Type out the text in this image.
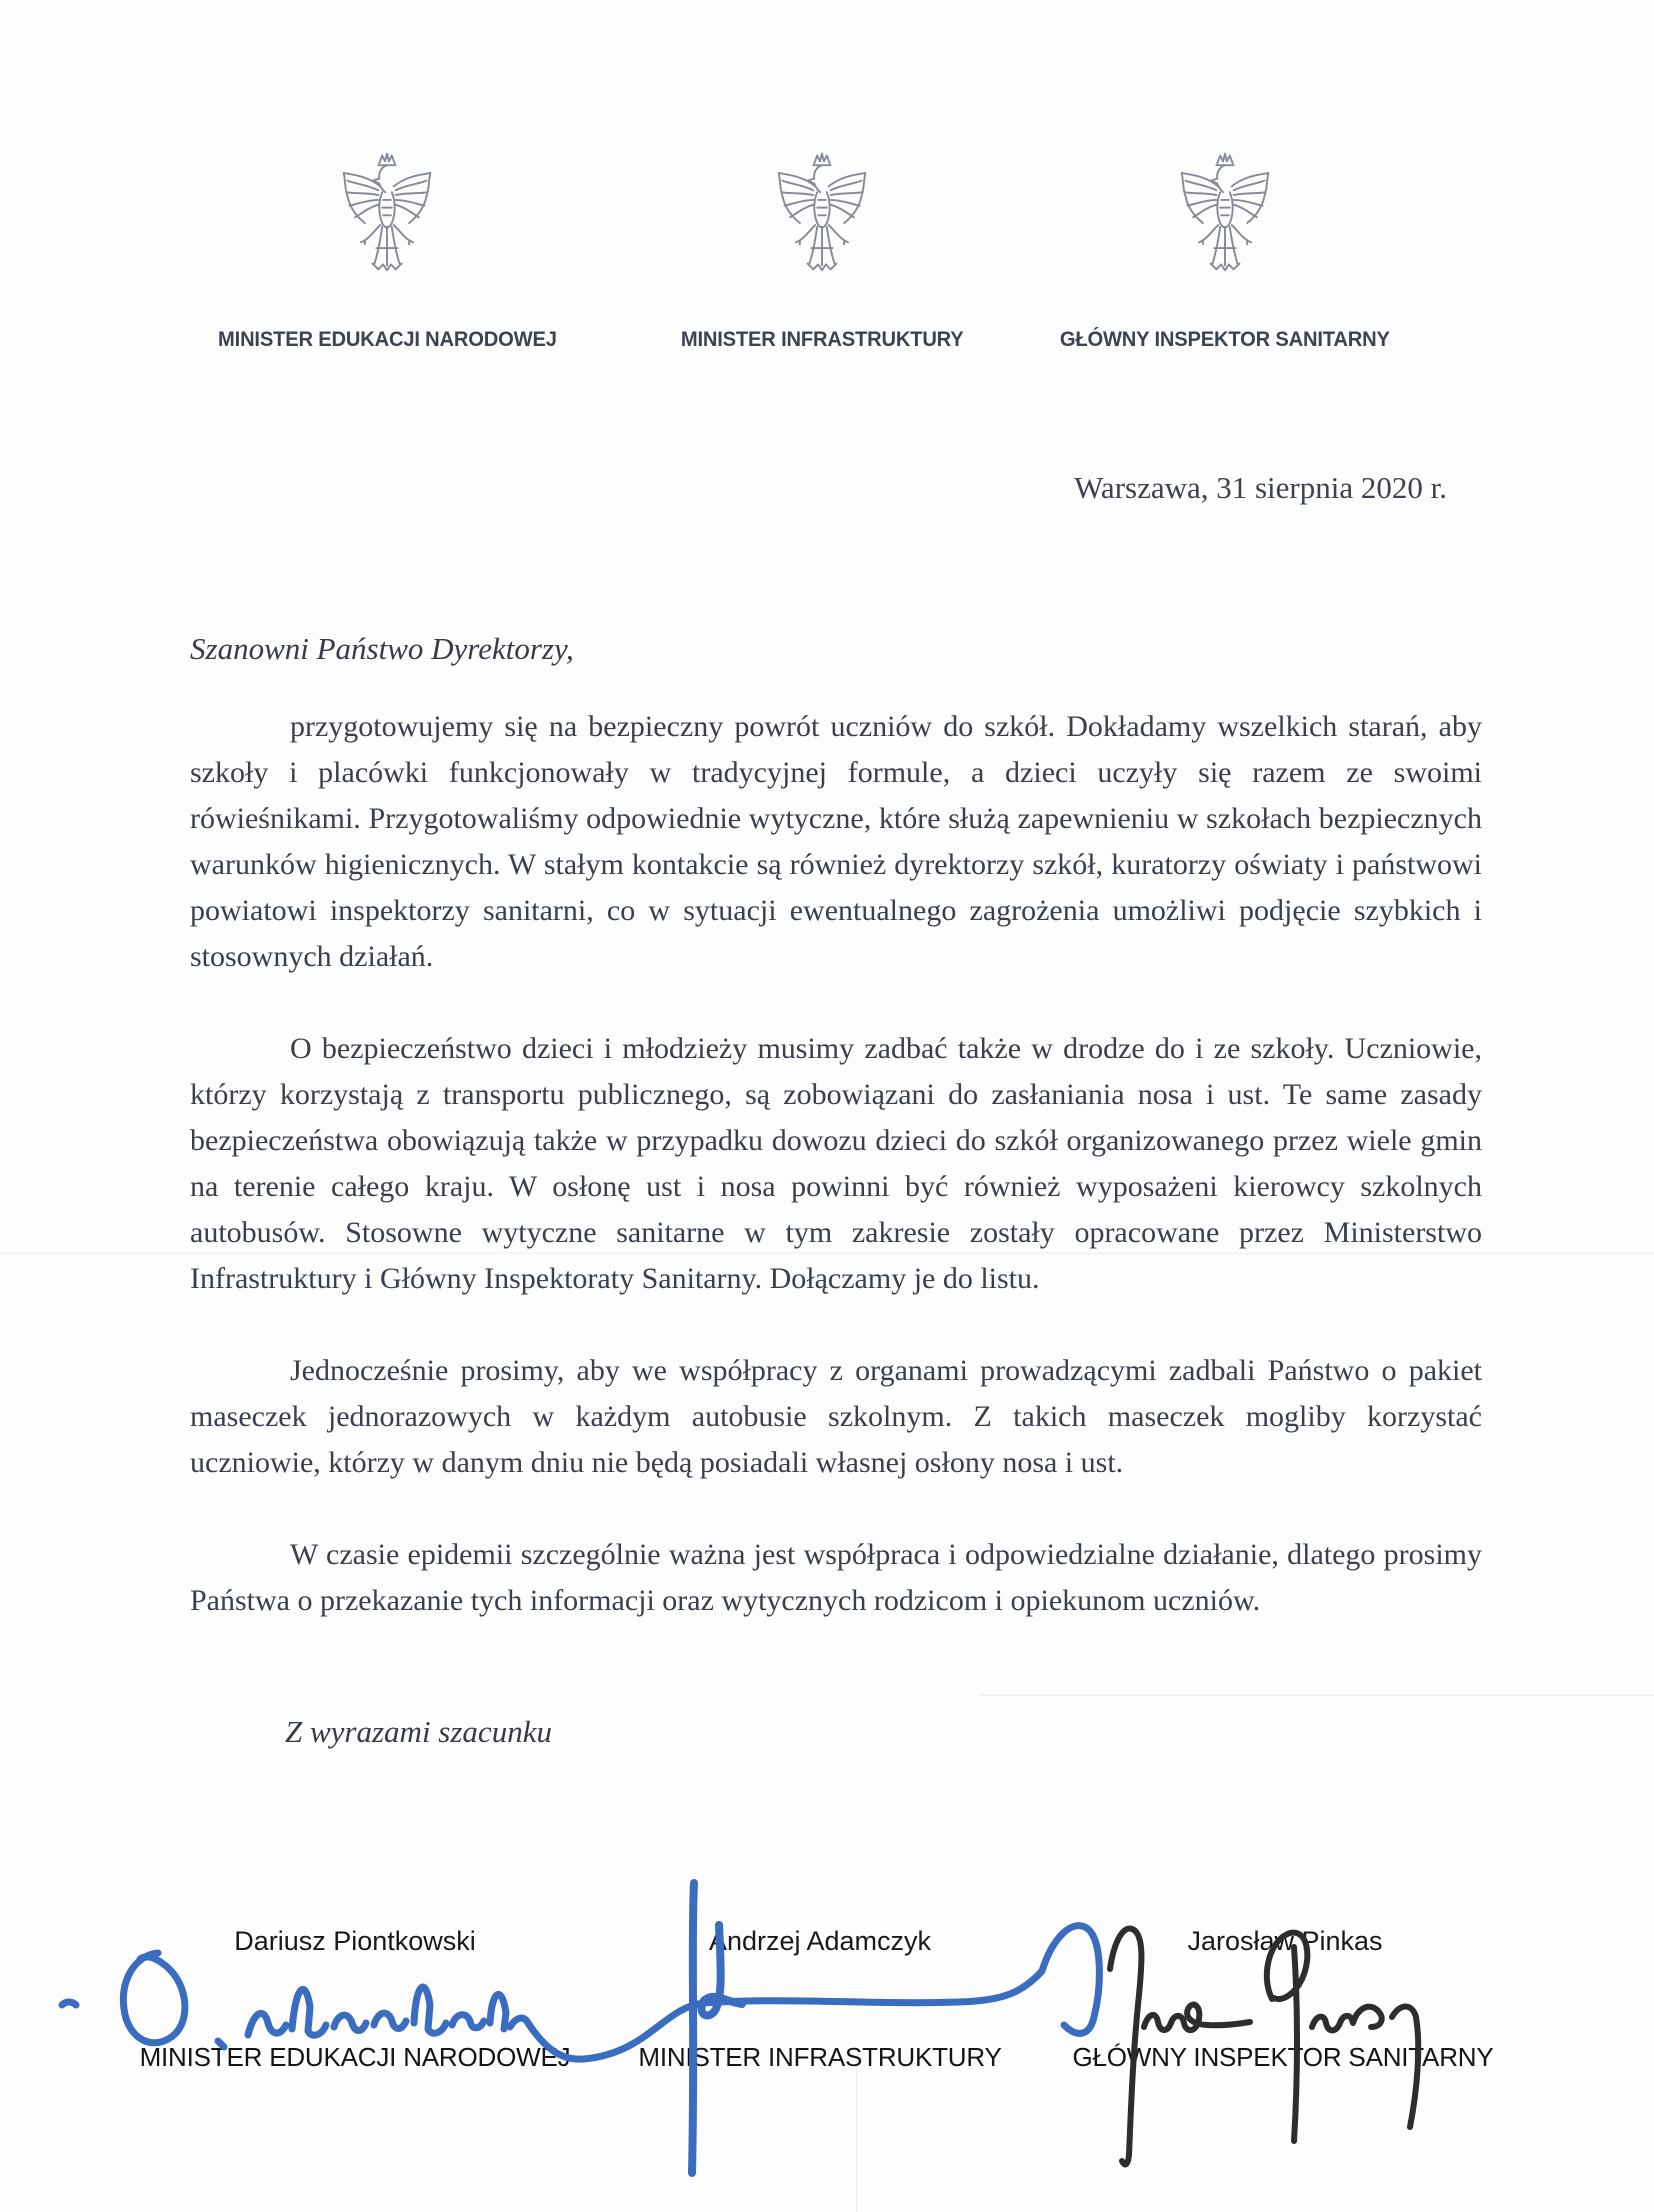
MINISTER EDUKACJI NARODOWEJ	MINISTER INFRASTRUKTURY	GŁÓWNY INSPEKTOR SANITARNY
Warszawa, 31 sierpnia 2020 r.
Szanowni Państwo Dyrektorzy,

przygotowujemy się na bezpieczny powrót uczniów do szkół. Dokładamy wszelkich starań, aby szkoły i placówki funkcjonowały w tradycyjnej formule, a dzieci uczyły się razem ze swoimi rówieśnikami. Przygotowaliśmy odpowiednie wytyczne, które służą zapewnieniu w szkołach bezpiecznych warunków higienicznych. W stałym kontakcie są również dyrektorzy szkół, kuratorzy oświaty i państwowi powiatowi inspektorzy sanitarni, co w sytuacji ewentualnego zagrożenia umożliwi podjęcie szybkich i stosownych działań.

O bezpieczeństwo dzieci i młodzieży musimy zadbać także w drodze do i ze szkoły. Uczniowie, którzy korzystają z transportu publicznego, są zobowiązani do zasłaniania nosa i ust. Te same zasady bezpieczeństwa obowiązują także w przypadku dowozu dzieci do szkół organizowanego przez wiele gmin na terenie całego kraju. W osłonę ust i nosa powinni być również wyposażeni kierowcy szkolnych autobusów. Stosowne wytyczne sanitarne w tym zakresie zostały opracowane przez Ministerstwo Infrastruktury i Główny Inspektoraty Sanitarny. Dołączamy je do listu.

Jednocześnie prosimy, aby we współpracy z organami prowadzącymi zadbali Państwo o pakiet maseczek jednorazowych w każdym autobusie szkolnym. Z takich maseczek mogliby korzystać uczniowie, którzy w danym dniu nie będą posiadali własnej osłony nosa i ust.

W czasie epidemii szczególnie ważna jest współpraca i odpowiedzialne działanie, dlatego prosimy Państwa o przekazanie tych informacji oraz wytycznych rodzicom i opiekunom uczniów.

Z wyrazami szacunku
Dariusz Piontkowski	Andrzej Adamczyk	Jarosław Pinkas
MINISTER EDUKACJI NARODOWEJ	MINISTER INFRASTRUKTURY	GŁÓWNY INSPEKTOR SANITARNY
